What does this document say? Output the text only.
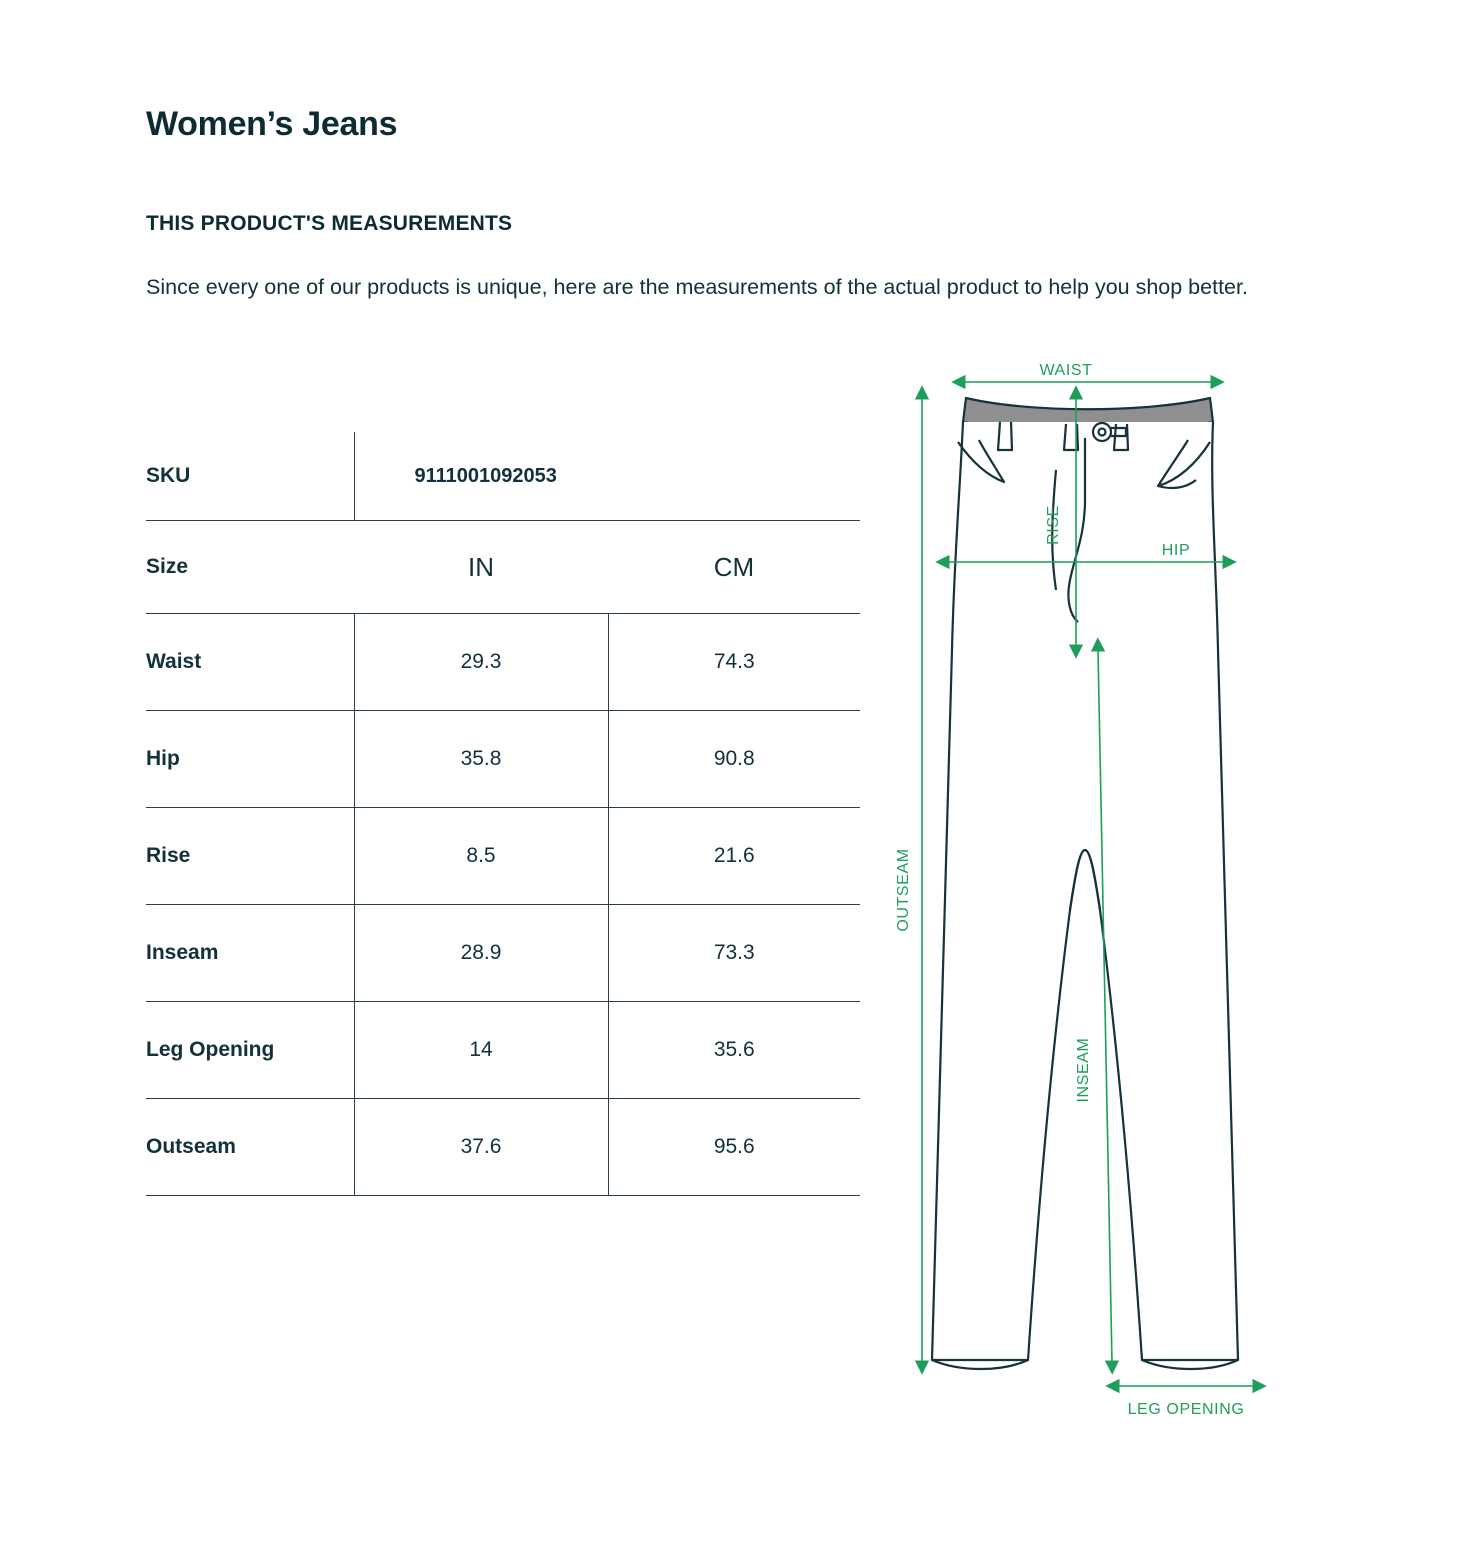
Women’s Jeans
THIS PRODUCT'S MEASUREMENTS
Since every one of our products is unique, here are the measurements of the actual product to help you shop better.
SKU	9111001092053	
Size	IN	CM
Waist	29.3	74.3
Hip	35.8	90.8
Rise	8.5	21.6
Inseam	28.9	73.3
Leg Opening	14	35.6
Outseam	37.6	95.6
WAIST
HIP
RISE
OUTSEAM
INSEAM
LEG OPENING
